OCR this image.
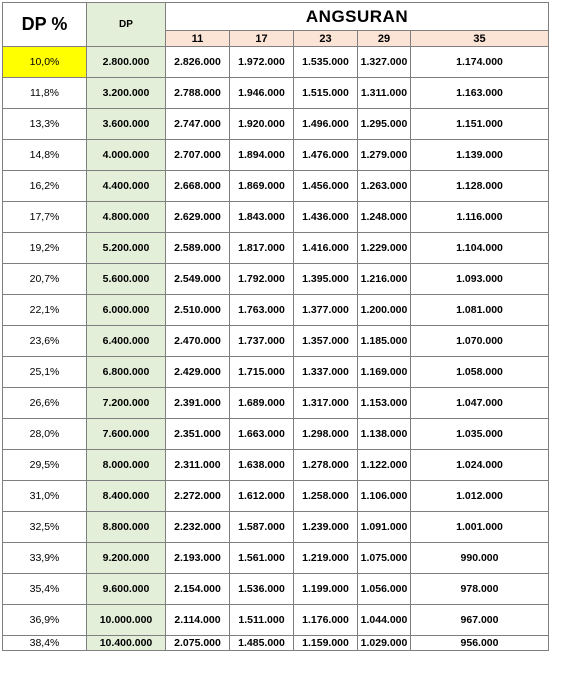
DP %	DP	ANGSURAN				
		11	17	23	29	35
10,0%	2.800.000	2.826.000	1.972.000	1.535.000	1.327.000	1.174.000
11,8%	3.200.000	2.788.000	1.946.000	1.515.000	1.311.000	1.163.000
13,3%	3.600.000	2.747.000	1.920.000	1.496.000	1.295.000	1.151.000
14,8%	4.000.000	2.707.000	1.894.000	1.476.000	1.279.000	1.139.000
16,2%	4.400.000	2.668.000	1.869.000	1.456.000	1.263.000	1.128.000
17,7%	4.800.000	2.629.000	1.843.000	1.436.000	1.248.000	1.116.000
19,2%	5.200.000	2.589.000	1.817.000	1.416.000	1.229.000	1.104.000
20,7%	5.600.000	2.549.000	1.792.000	1.395.000	1.216.000	1.093.000
22,1%	6.000.000	2.510.000	1.763.000	1.377.000	1.200.000	1.081.000
23,6%	6.400.000	2.470.000	1.737.000	1.357.000	1.185.000	1.070.000
25,1%	6.800.000	2.429.000	1.715.000	1.337.000	1.169.000	1.058.000
26,6%	7.200.000	2.391.000	1.689.000	1.317.000	1.153.000	1.047.000
28,0%	7.600.000	2.351.000	1.663.000	1.298.000	1.138.000	1.035.000
29,5%	8.000.000	2.311.000	1.638.000	1.278.000	1.122.000	1.024.000
31,0%	8.400.000	2.272.000	1.612.000	1.258.000	1.106.000	1.012.000
32,5%	8.800.000	2.232.000	1.587.000	1.239.000	1.091.000	1.001.000
33,9%	9.200.000	2.193.000	1.561.000	1.219.000	1.075.000	990.000
35,4%	9.600.000	2.154.000	1.536.000	1.199.000	1.056.000	978.000
36,9%	10.000.000	2.114.000	1.511.000	1.176.000	1.044.000	967.000
38,4%	10.400.000	2.075.000	1.485.000	1.159.000	1.029.000	956.000
